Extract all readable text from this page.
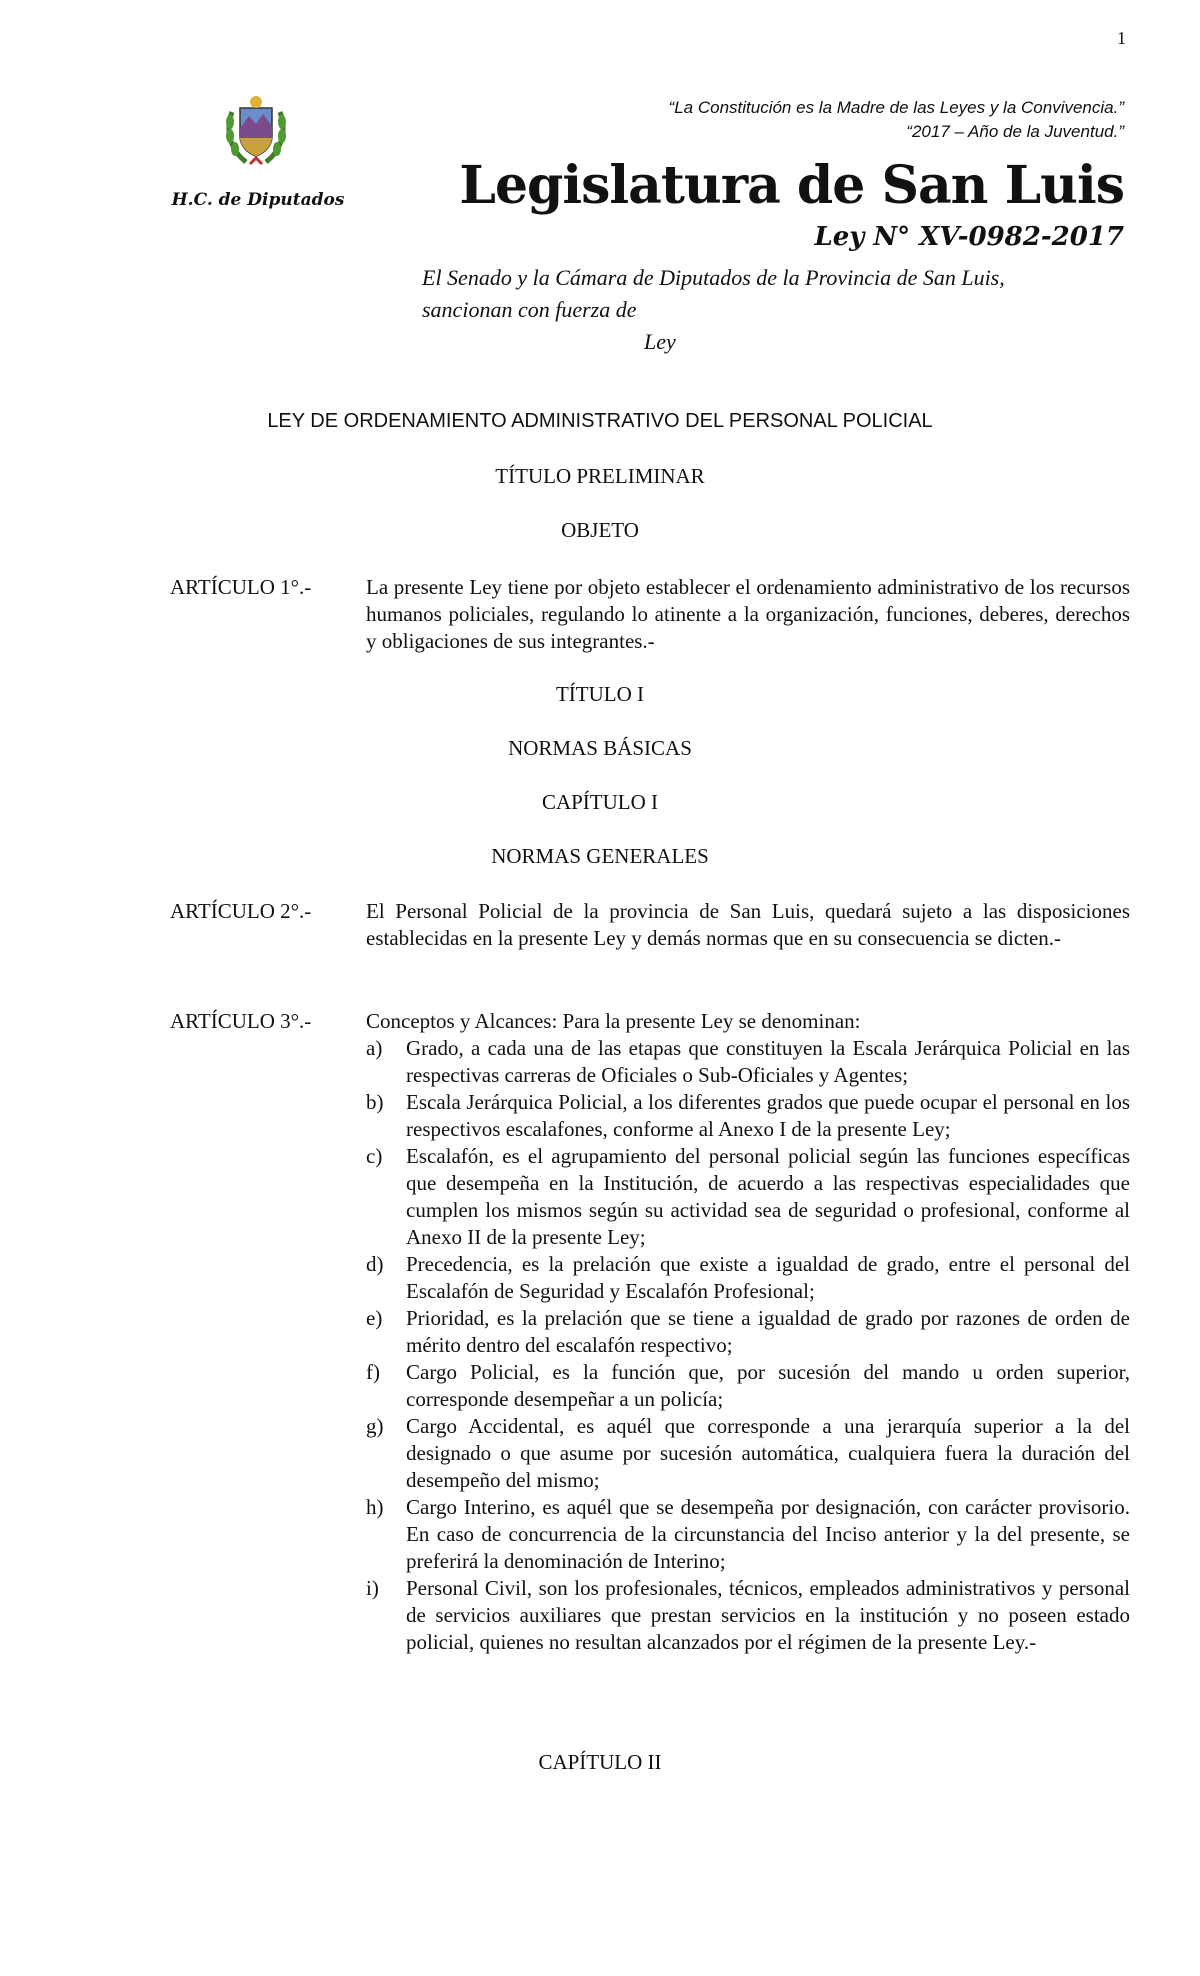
1
“La Constitución es la Madre de las Leyes y la Convivencia.”
“2017 – Año de la Juventud.”
H.C. de Diputados Legislatura de San Luis
Ley N° XV-0982-2017
El Senado y la Cámara de Diputados de la Provincia de San Luis,
sancionan con fuerza de
Ley
LEY DE ORDENAMIENTO ADMINISTRATIVO DEL PERSONAL POLICIAL
TÍTULO PRELIMINAR
OBJETO
ARTÍCULO 1°.-	La presente Ley tiene por objeto establecer el ordenamiento administrativo de los recursos humanos policiales, regulando lo atinente a la organización, funciones, deberes, derechos y obligaciones de sus integrantes.-
TÍTULO I
NORMAS BÁSICAS
CAPÍTULO I
NORMAS GENERALES
ARTÍCULO 2°.-	El Personal Policial de la provincia de San Luis, quedará sujeto a las disposiciones establecidas en la presente Ley y demás normas que en su consecuencia se dicten.-
ARTÍCULO 3°.-	Conceptos y Alcances: Para la presente Ley se denominan:
a)	Grado, a cada una de las etapas que constituyen la Escala Jerárquica Policial en las respectivas carreras de Oficiales o Sub-Oficiales y Agentes;
b)	Escala Jerárquica Policial, a los diferentes grados que puede ocupar el personal en los respectivos escalafones, conforme al Anexo I de la presente Ley;
c)	Escalafón, es el agrupamiento del personal policial según las funciones específicas que desempeña en la Institución, de acuerdo a las respectivas especialidades que cumplen los mismos según su actividad sea de seguridad o profesional, conforme al Anexo II de la presente Ley;
d)	Precedencia, es la prelación que existe a igualdad de grado, entre el personal del Escalafón de Seguridad y Escalafón Profesional;
e)	Prioridad, es la prelación que se tiene a igualdad de grado por razones de orden de mérito dentro del escalafón respectivo;
f)	Cargo Policial, es la función que, por sucesión del mando u orden superior, corresponde desempeñar a un policía;
g)	Cargo Accidental, es aquél que corresponde a una jerarquía superior a la del designado o que asume por sucesión automática, cualquiera fuera la duración del desempeño del mismo;
h)	Cargo Interino, es aquél que se desempeña por designación, con carácter provisorio. En caso de concurrencia de la circunstancia del Inciso anterior y la del presente, se preferirá la denominación de Interino;
i)	Personal Civil, son los profesionales, técnicos, empleados administrativos y personal de servicios auxiliares que prestan servicios en la institución y no poseen estado policial, quienes no resultan alcanzados por el régimen de la presente Ley.-
CAPÍTULO II
